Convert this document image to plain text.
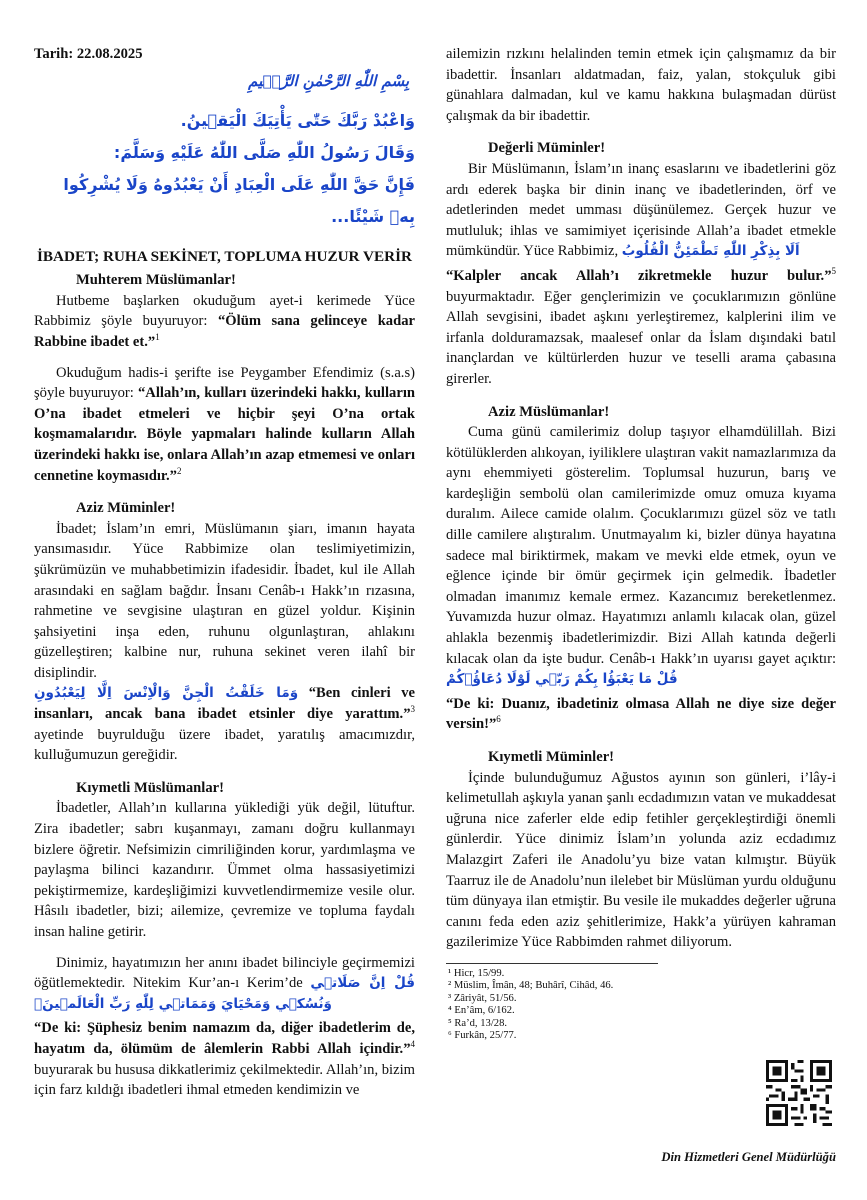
Tarih: 22.08.2025
بِسْمِ اللّٰهِ الرَّحْمٰنِ الرَّح۪يمِ
وَاعْبُدْ رَبَّكَ حَتّٰى يَأْتِيَكَ الْيَق۪ينُ.
وَقَالَ رَسُولُ اللّٰهِ صَلَّى اللّٰهُ عَلَيْهِ وَسَلَّمَ:
فَإِنَّ حَقَّ اللّٰهِ عَلَى الْعِبَادِ أَنْ يَعْبُدُوهُ وَلَا يُشْرِكُوا بِه۪ شَيْئًا...
İBADET; RUHA SEKİNET, TOPLUMA HUZUR VERİR
Muhterem Müslümanlar!

Hutbeme başlarken okuduğum ayet-i kerimede Yüce Rabbimiz şöyle buyuruyor: “Ölüm sana gelinceye kadar Rabbine ibadet et.”$^1$

Okuduğum hadis-i şerifte ise Peygamber Efendimiz (s.a.s) şöyle buyuruyor: “Allah’ın, kulları üzerindeki hakkı, kulların O’na ibadet etmeleri ve hiçbir şeyi O’na ortak koşmamalarıdır. Böyle yapmaları halinde kulların Allah üzerindeki hakkı ise, onlara Allah’ın azap etmemesi ve onları cennetine koymasıdır.”$^2$

Aziz Müminler!

İbadet; İslam’ın emri, Müslümanın şiarı, imanın hayata yansımasıdır. Yüce Rabbimize olan teslimiyetimizin, şükrümüzün ve muhabbetimizin ifadesidir. İbadet, kul ile Allah arasındaki en sağlam bağdır. İnsanı Cenâb-ı Hakk’ın rızasına, rahmetine ve sevgisine ulaştıran en güzel yoldur. Kişinin şahsiyetini inşa eden, ruhunu olgunlaştıran, ahlakını güzelleştiren; kalbine nur, ruhuna sekinet veren ilahî bir disiplindir.

وَمَا خَلَقْتُ الْجِنَّ وَالْاِنْسَ اِلَّا لِيَعْبُدُونِ “Ben cinleri ve insanları, ancak bana ibadet etsinler diye yarattım.”$^3$ ayetinde buyrulduğu üzere ibadet, yaratılış amacımızdır, kulluğumuzun gereğidir.

Kıymetli Müslümanlar!

İbadetler, Allah’ın kullarına yüklediği yük değil, lütuftur. Zira ibadetler; sabrı kuşanmayı, zamanı doğru kullanmayı bizlere öğretir. Nefsimizin cimriliğinden korur, yardımlaşma ve paylaşma bilinci kazandırır. Ümmet olma hassasiyetimizi pekiştirmemize, kardeşliğimizi kuvvetlendirmemize vesile olur. Hâsılı ibadetler, bizi; ailemize, çevremize ve topluma faydalı insan haline getirir.

Dinimiz, hayatımızın her anını ibadet bilinciyle geçirmemizi öğütlemektedir. Nitekim Kur’an-ı Kerim’de قُلْ اِنَّ صَلَات۪ي وَنُسُك۪ي وَمَحْيَايَ وَمَمَات۪ي لِلّٰهِ رَبِّ الْعَالَم۪ينَۙ

“De ki: Şüphesiz benim namazım da, diğer ibadetlerim de, hayatım da, ölümüm de âlemlerin Rabbi Allah içindir.”$^4$ buyurarak bu hususa dikkatlerimiz çekilmektedir. Allah’ın, bizim için farz kıldığı ibadetleri ihmal etmeden kendimizin ve

ailemizin rızkını helalinden temin etmek için çalışmamız da bir ibadettir. İnsanları aldatmadan, faiz, yalan, stokçuluk gibi günahlara dalmadan, kul ve kamu hakkına bulaşmadan dürüst çalışmak da bir ibadettir.

Değerli Müminler!

Bir Müslümanın, İslam’ın inanç esaslarını ve ibadetlerini göz ardı ederek başka bir dinin inanç ve ibadetlerinden, örf ve adetlerinden medet umması düşünülemez. Gerçek huzur ve mutluluk; ihlas ve samimiyet içerisinde Allah’a ibadet etmekle mümkündür. Yüce Rabbimiz, اَلَا بِذِكْرِ اللّٰهِ تَطْمَئِنُّ الْقُلُوبُ

“Kalpler ancak Allah’ı zikretmekle huzur bulur.”$^5$ buyurmaktadır. Eğer gençlerimizin ve çocuklarımızın gönlüne Allah sevgisini, ibadet aşkını yerleştiremez, kalplerini ilim ve irfanla dolduramazsak, maalesef onlar da İslam dışındaki batıl inançlardan ve kültürlerden huzur ve teselli arama çabasına girerler.

Aziz Müslümanlar!

Cuma günü camilerimiz dolup taşıyor elhamdülillah. Bizi kötülüklerden alıkoyan, iyiliklere ulaştıran vakit namazlarımıza da aynı ehemmiyeti gösterelim. Toplumsal huzurun, barış ve kardeşliğin sembolü olan camilerimizde omuz omuza kıyama duralım. Ailece camide olalım. Çocuklarımızı güzel söz ve tatlı dille camilere alıştıralım. Unutmayalım ki, bizler dünya hayatına sadece mal biriktirmek, makam ve mevki elde etmek, oyun ve eğlence içinde bir ömür geçirmek için gelmedik. İbadetler olmadan imanımız kemale ermez. Kazancımız bereketlenmez. Yuvamızda huzur olmaz. Hayatımızı anlamlı kılacak olan, güzel ahlakla bezenmiş ibadetlerimizdir. Bizi Allah katında değerli kılacak olan da işte budur. Cenâb-ı Hakk’ın uyarısı gayet açıktır: قُلْ مَا يَعْبَؤُا بِكُمْ رَبّ۪ي لَوْلَا دُعَاؤُ۬كُمْ

“De ki: Duanız, ibadetiniz olmasa Allah ne diye size değer versin!”$^6$

Kıymetli Müminler!

İçinde bulunduğumuz Ağustos ayının son günleri, i’lây-i kelimetullah aşkıyla yanan şanlı ecdadımızın vatan ve mukaddesat uğruna nice zaferler elde edip fetihler gerçekleştirdiği önemli günlerdir. Yüce dinimiz İslam’ın yolunda aziz ecdadımız Malazgirt Zaferi ile Anadolu’yu bize vatan kılmıştır. Büyük Taarruz ile de Anadolu’nun ilelebet bir Müslüman yurdu olduğunu tüm dünyaya ilan etmiştir. Bu vesile ile mukaddes değerler uğruna canını feda eden aziz şehitlerimize, Hakk’a yürüyen kahraman gazilerimize Yüce Rabbimden rahmet diliyorum.

¹ Hicr, 15/99.
² Müslim, Îmân, 48; Buhârî, Cihâd, 46.
³ Zâriyât, 51/56.
⁴ En’âm, 6/162.
⁵ Ra’d, 13/28.
⁶ Furkân, 25/77.
Din Hizmetleri Genel Müdürlüğü
